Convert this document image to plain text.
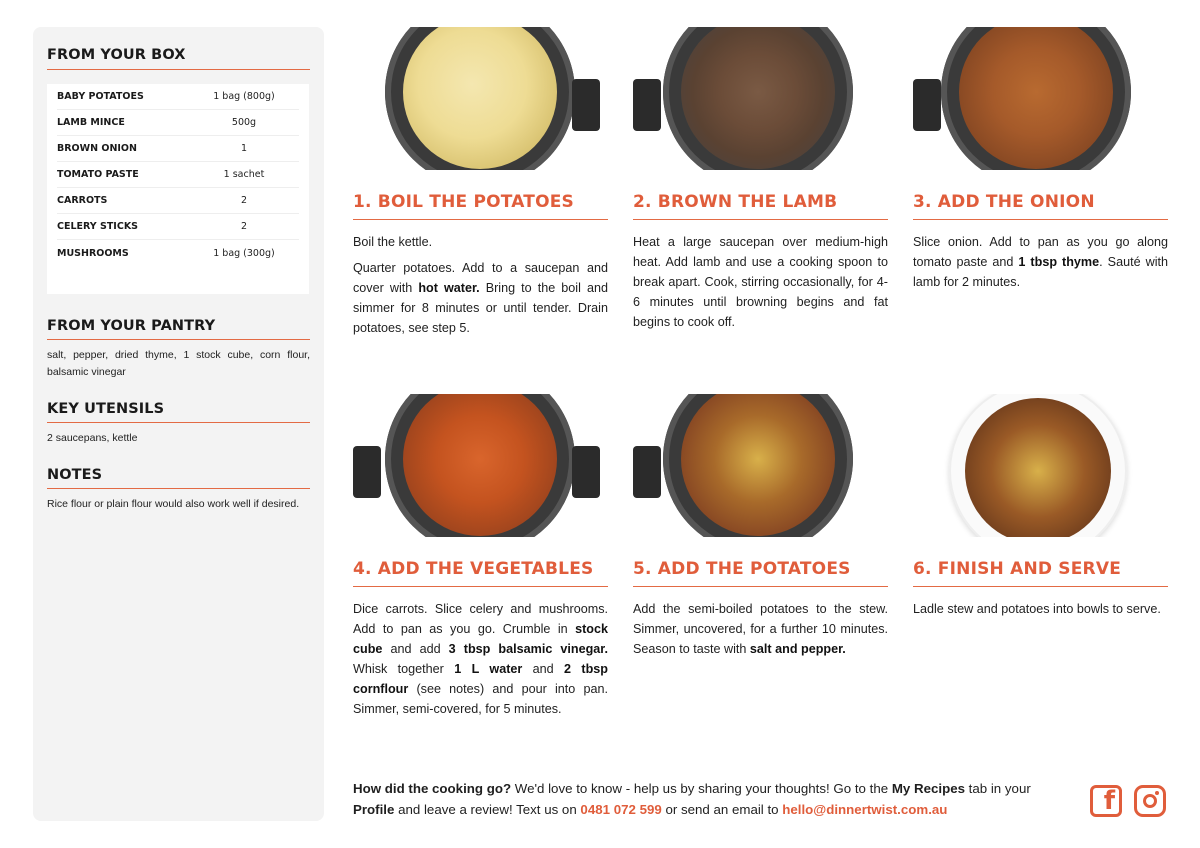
FROM YOUR BOX
BABY POTATOES	1 bag (800g)
LAMB MINCE	500g
BROWN ONION	1
TOMATO PASTE	1 sachet
CARROTS	2
CELERY STICKS	2
MUSHROOMS	1 bag (300g)
FROM YOUR PANTRY
salt, pepper, dried thyme, 1 stock cube, corn flour, balsamic vinegar
KEY UTENSILS
2 saucepans, kettle
NOTES
Rice flour or plain flour would also work well if desired.
1. BOIL THE POTATOES

Boil the kettle.

Quarter potatoes. Add to a saucepan and cover with hot water. Bring to the boil and simmer for 8 minutes or until tender. Drain potatoes, see step 5.

2. BROWN THE LAMB

Heat a large saucepan over medium-high heat. Add lamb and use a cooking spoon to break apart. Cook, stirring occasionally, for 4-6 minutes until browning begins and fat begins to cook off.

3. ADD THE ONION

Slice onion. Add to pan as you go along tomato paste and 1 tbsp thyme. Sauté with lamb for 2 minutes.

4. ADD THE VEGETABLES

Dice carrots. Slice celery and mushrooms. Add to pan as you go. Crumble in stock cube and add 3 tbsp balsamic vinegar. Whisk together 1 L water and 2 tbsp cornflour (see notes) and pour into pan. Simmer, semi-covered, for 5 minutes.

5. ADD THE POTATOES

Add the semi-boiled potatoes to the stew. Simmer, uncovered, for a further 10 minutes. Season to taste with salt and pepper.

6. FINISH AND SERVE

Ladle stew and potatoes into bowls to serve.

How did the cooking go? We'd love to know - help us by sharing your thoughts! Go to the My Recipes tab in your Profile and leave a review! Text us on 0481 072 599 or send an email to hello@dinnertwist.com.au	f
